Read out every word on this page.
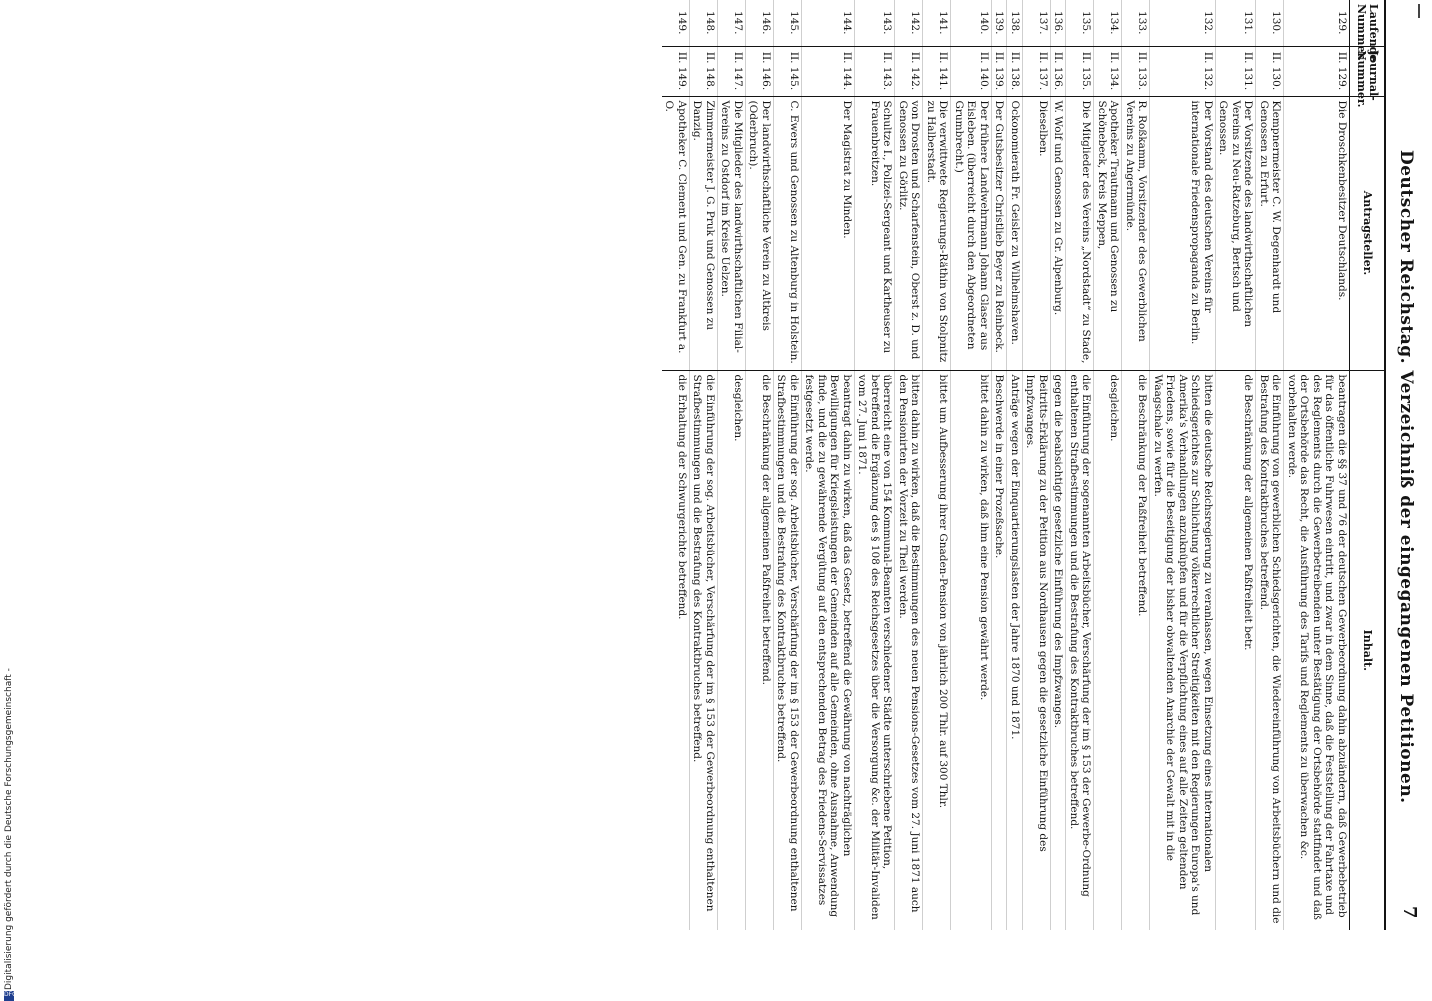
Deutscher Reichstag. Verzeichniß der eingegangenen Petitionen.
7
Laufende Nummer.	Journal-Nummer.	Antragsteller.	Inhalt.
129.	II. 129.	Die Droschkenbesitzer Deutschlands.	beantragen die §§ 37 und 76 der deutschen Gewerbeordnung dahin abzuändern, daß Gewerbebetrieb für das öffentliche Fuhrwesen eintritt, und zwar in dem Sinne, daß die Feststellung der Fahrtaxe und des Reglements durch die Gewerbetreibenden unter Bestätigung der Ortsbehörde stattfindet und daß der Ortsbehörde das Recht, die Ausführung des Tarifs und Reglements zu überwachen &c. vorbehalten werde.
130.	II. 130.	Klempnermeister C. W. Degenhardt und Genossen zu Erfurt.	die Einführung von gewerblichen Schiedsgerichten, die Wiedereinführung von Arbeitsbüchern und die Bestrafung des Kontraktbruches betreffend.
131.	II. 131.	Der Vorsitzende des landwirthschaftlichen Vereins zu Neu-Ratzeburg, Bertsch und Genossen.	die Beschränkung der allgemeinen Paßfreiheit betr.
132.	II. 132.	Der Vorstand des deutschen Vereins für internationale Friedenspropaganda zu Berlin.	bitten die deutsche Reichsregierung zu veranlassen, wegen Einsetzung eines internationalen Schiedsgerichtes zur Schlichtung völkerrechtlicher Streitigkeiten mit den Regierungen Europa's und Amerika's Verhandlungen anzuknüpfen und für die Verpflichtung eines auf alle Zeiten geltenden Friedens, sowie für die Beseitigung der bisher obwaltenden Anarchie der Gewalt mit in die Waagschale zu werfen.
133.	II. 133.	R. Roßkamm, Vorsitzender des Gewerblichen Vereins zu Angermünde.	die Beschränkung der Paßfreiheit betreffend.
134.	II. 134.	Apotheker Trautmann und Genossen zu Schönebeck, Kreis Meppen,	desgleichen.
135.	II. 135.	Die Mitglieder des Vereins „Nordstadt“ zu Stade,	die Einführung der sogenannten Arbeitsbücher, Verschärfung der im § 153 der Gewerbe-Ordnung enthaltenen Strafbestimmungen und die Bestrafung des Kontraktbruches betreffend.
136.	II. 136.	W. Wolf und Genossen zu Gr. Alpenburg.	gegen die beabsichtigte gesetzliche Einführung des Impfzwanges.
137.	II. 137.	Dieselben.	Beitritts-Erklärung zu der Petition aus Nordhausen gegen die gesetzliche Einführung des Impfzwanges.
138.	II. 138.	Ockonomierath Fr. Geisler zu Wilhelmshaven.	Anträge wegen der Einquartierungslasten der Jahre 1870 und 1871.
139.	II. 139.	Der Gutsbesitzer Christlieb Beyer zu Reinbeck.	Beschwerde in einer Prozeßsache.
140.	II. 140.	Der frühere Landwehrmann Johann Glaser aus Eisleben. (überreicht durch den Abgeordneten Grumbrecht.)	bittet dahin zu wirken, daß ihm eine Pension gewährt werde.
141.	II. 141.	Die verwittwete Regierungs-Räthin von Stolpnitz zu Halberstadt.	bittet um Aufbesserung ihrer Gnaden-Pension von jährlich 200 Thlr. auf 300 Thlr.
142.	II. 142.	von Drosten und Scharfenstein, Oberst z. D. und Genossen zu Görlitz.	bitten dahin zu wirken, daß die Bestimmungen des neuen Pensions-Gesetzes vom 27. Juni 1871 auch den Pensionirten der Vorzeit zu Theil werden.
143.	II. 143.	Schultze I., Polizei-Sergeant und Kartheuser zu Frauenbreitzen.	überreicht eine von 154 Kommunal-Beamten verschiedener Städte unterschriebene Petition, betreffend die Ergänzung des § 108 des Reichsgesetzes über die Versorgung &c. der Militär-Invaliden vom 27. Juni 1871.
144.	II. 144.	Der Magistrat zu Minden.	beantragt dahin zu wirken, daß das Gesetz, betreffend die Gewährung von nachträglichen Bewilligungen für Kriegsleistungen der Gemeinden auf alle Gemeinden, ohne Ausnahme, Anwendung finde, und die zu gewährende Vergütung auf den entsprechenden Betrag des Friedens-Servissatzes festgesetzt werde.
145.	II. 145.	C. Ewers und Genossen zu Altenburg in Holstein.	die Einführung der sog. Arbeitsbücher, Verschärfung der im § 153 der Gewerbeordnung enthaltenen Strafbestimmungen und die Bestrafung des Kontraktbruches betreffend.
146.	II. 146.	Der landwirthschaftliche Verein zu Altkreis (Oderbruch).	die Beschränkung der allgemeinen Paßfreiheit betreffend.
147.	II. 147.	Die Mitglieder des landwirthschaftlichen Filial-Vereins zu Ostdorf im Kreise Uelzen.	desgleichen.
148.	II. 148.	Zimmermeister J. G. Pruk und Genossen zu Danzig.	die Einführung der sog. Arbeitsbücher, Verschärfung der im § 153 der Gewerbeordnung enthaltenen Strafbestimmungen und die Bestrafung des Kontraktbruches betreffend.
149.	II. 149.	Apotheker C. Clement und Gen. zu Frankfurt a. O.	die Erhaltung der Schwurgerichte betreffend.
Digitalisierung gefördert durch die Deutsche Forschungsgemeinschaft -
DFG
